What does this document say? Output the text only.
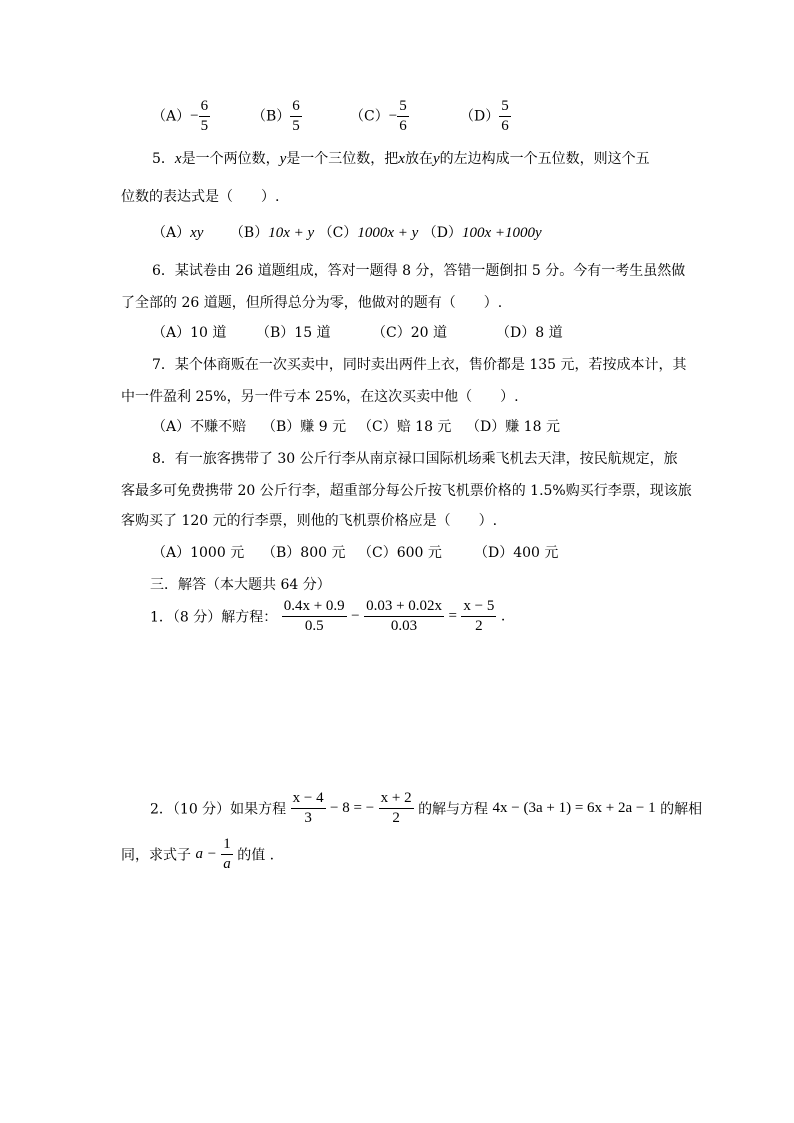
$(A)- \frac{6}{5}$	$(B) \frac{6}{5}$	$(C)- \frac{5}{6}$	$(D) \frac{5}{6}$
5．x是一个两位数，y是一个三位数，把x放在y的左边构成一个五位数，则这个五
位数的表达式是（　　）.
（A）xy （B）10x + y （C）1000x + y （D）100x +1000y
6．某试卷由 26 道题组成，答对一题得 8 分，答错一题倒扣 5 分。今有一考生虽然做
了全部的 26 道题，但所得总分为零，他做对的题有（　　）.
（A）10 道 （B）15 道	（C）20 道	（D）8 道
7．某个体商贩在一次买卖中，同时卖出两件上衣，售价都是 135 元，若按成本计，其
中一件盈利 25%，另一件亏本 25%，在这次买卖中他（　　）.
（A）不赚不赔 （B）赚 9 元 （C）赔 18 元 （D）赚 18 元
8．有一旅客携带了 30 公斤行李从南京禄口国际机场乘飞机去天津，按民航规定，旅
客最多可免费携带 20 公斤行李，超重部分每公斤按飞机票价格的 1.5%购买行李票，现该旅
客购买了 120 元的行李票，则他的飞机票价格应是（　　）.
（A）1000 元 （B）800 元 （C）600 元 （D）400 元
三．解答（本大题共 64 分）
1．（8 分）解方程： $\frac{0.4x + 0.9}{0.5} - \frac{0.03 + 0.02x}{0.03} = \frac{x - 5}{2}$ .
2．（10 分）如果方程 $\frac{x - 4}{3} - 8$ = − $\frac{x + 2}{2}$ 的解与方程 4x − (3a + 1) = 6x + 2a − 1 的解相
同，求式子 $a - \frac{1}{a}$ 的值 .
